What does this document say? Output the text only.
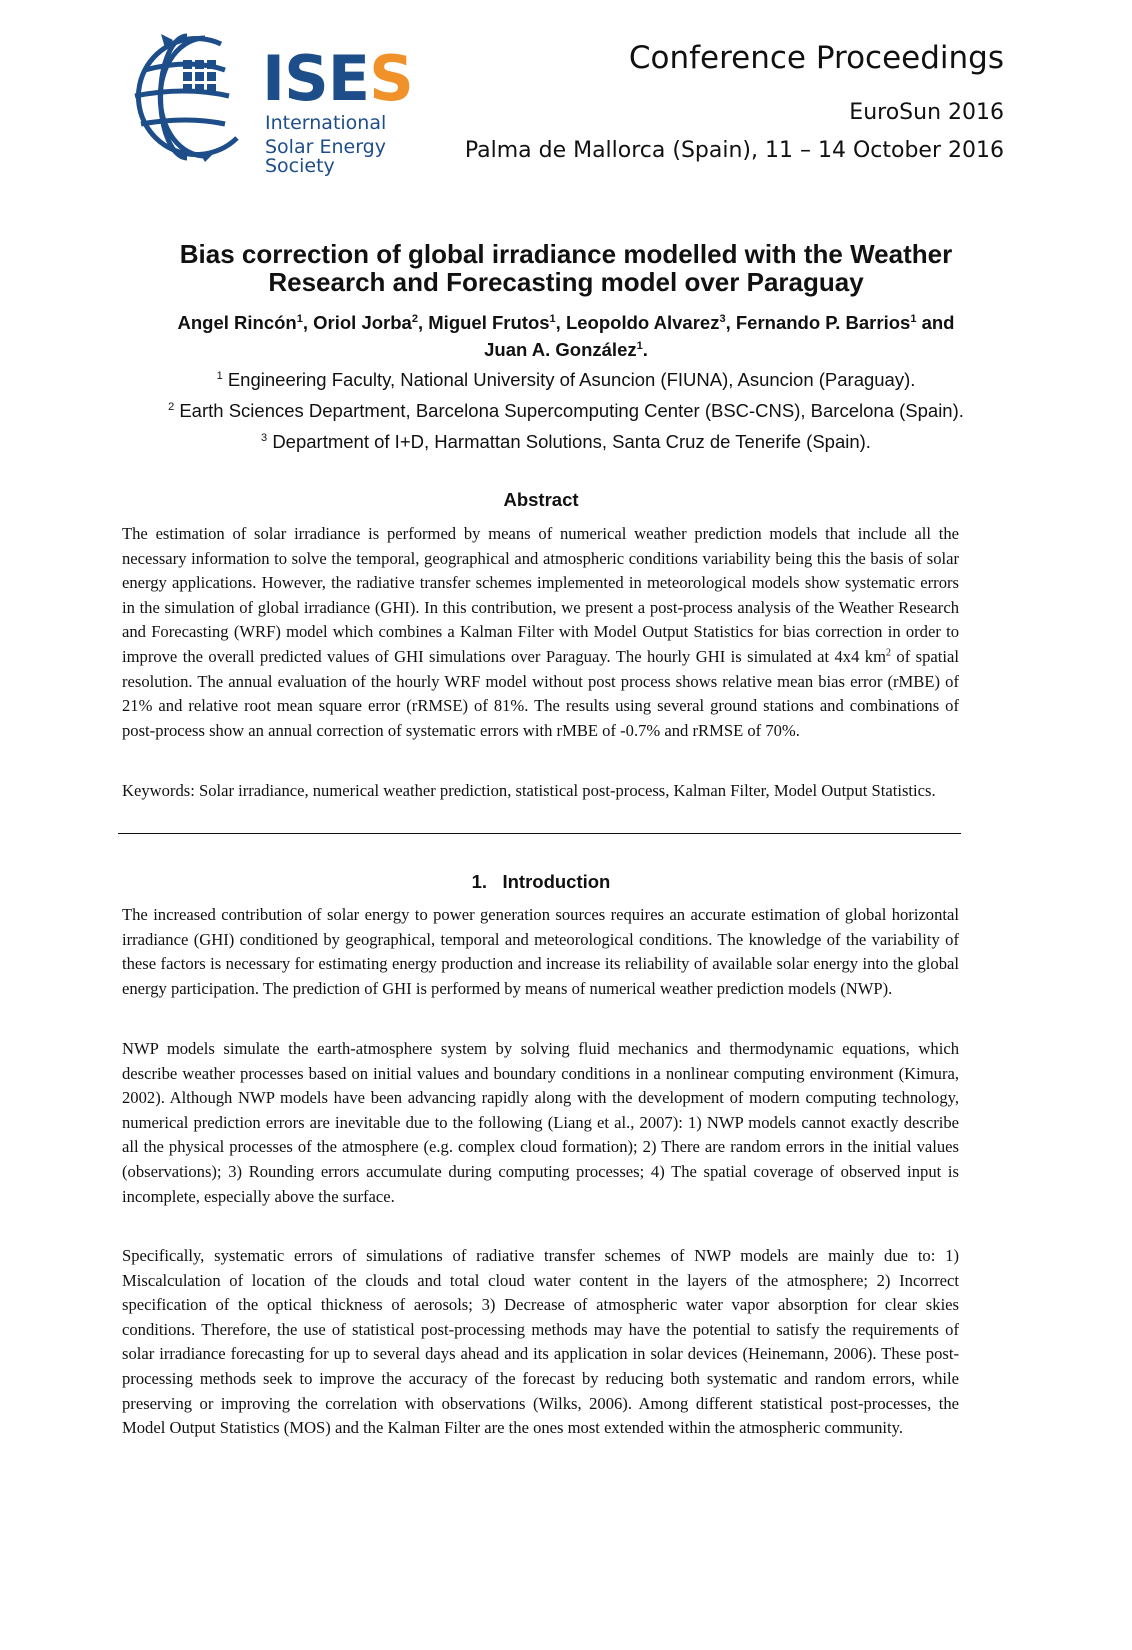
ISES
International
Solar Energy Society
Conference Proceedings
EuroSun 2016
Palma de Mallorca (Spain), 11 – 14 October 2016
Bias correction of global irradiance modelled with the Weather Research and Forecasting model over Paraguay
Angel Rincón$^1$, Oriol Jorba$^2$, Miguel Frutos$^1$, Leopoldo Alvarez$^3$, Fernando P. Barrios$^1$ and
Juan A. González$^1$.
$^1$ Engineering Faculty, National University of Asuncion (FIUNA), Asuncion (Paraguay).
$^2$ Earth Sciences Department, Barcelona Supercomputing Center (BSC-CNS), Barcelona (Spain).
$^3$ Department of I+D, Harmattan Solutions, Santa Cruz de Tenerife (Spain).
Abstract

The estimation of solar irradiance is performed by means of numerical weather prediction models that include all the necessary information to solve the temporal, geographical and atmospheric conditions variability being this the basis of solar energy applications. However, the radiative transfer schemes implemented in meteorological models show systematic errors in the simulation of global irradiance (GHI). In this contribution, we present a post-process analysis of the Weather Research and Forecasting (WRF) model which combines a Kalman Filter with Model Output Statistics for bias correction in order to improve the overall predicted values of GHI simulations over Paraguay. The hourly GHI is simulated at 4x4 $km^2$ of spatial resolution. The annual evaluation of the hourly WRF model without post process shows relative mean bias error (rMBE) of 21% and relative root mean square error (rRMSE) of 81%. The results using several ground stations and combinations of post-process show an annual correction of systematic errors with rMBE of -0.7% and rRMSE of 70%.

Keywords: Solar irradiance, numerical weather prediction, statistical post-process, Kalman Filter, Model Output Statistics.

1. Introduction

The increased contribution of solar energy to power generation sources requires an accurate estimation of global horizontal irradiance (GHI) conditioned by geographical, temporal and meteorological conditions. The knowledge of the variability of these factors is necessary for estimating energy production and increase its reliability of available solar energy into the global energy participation. The prediction of GHI is performed by means of numerical weather prediction models (NWP).

NWP models simulate the earth-atmosphere system by solving fluid mechanics and thermodynamic equations, which describe weather processes based on initial values and boundary conditions in a nonlinear computing environment (Kimura, 2002). Although NWP models have been advancing rapidly along with the development of modern computing technology, numerical prediction errors are inevitable due to the following (Liang et al., 2007): 1) NWP models cannot exactly describe all the physical processes of the atmosphere (e.g. complex cloud formation); 2) There are random errors in the initial values (observations); 3) Rounding errors accumulate during computing processes; 4) The spatial coverage of observed input is incomplete, especially above the surface.

Specifically, systematic errors of simulations of radiative transfer schemes of NWP models are mainly due to: 1) Miscalculation of location of the clouds and total cloud water content in the layers of the atmosphere; 2) Incorrect specification of the optical thickness of aerosols; 3) Decrease of atmospheric water vapor absorption for clear skies conditions. Therefore, the use of statistical post-processing methods may have the potential to satisfy the requirements of solar irradiance forecasting for up to several days ahead and its application in solar devices (Heinemann, 2006). These post-processing methods seek to improve the accuracy of the forecast by reducing both systematic and random errors, while preserving or improving the correlation with observations (Wilks, 2006). Among different statistical post-processes, the Model Output Statistics (MOS) and the Kalman Filter are the ones most extended within the atmospheric community.
